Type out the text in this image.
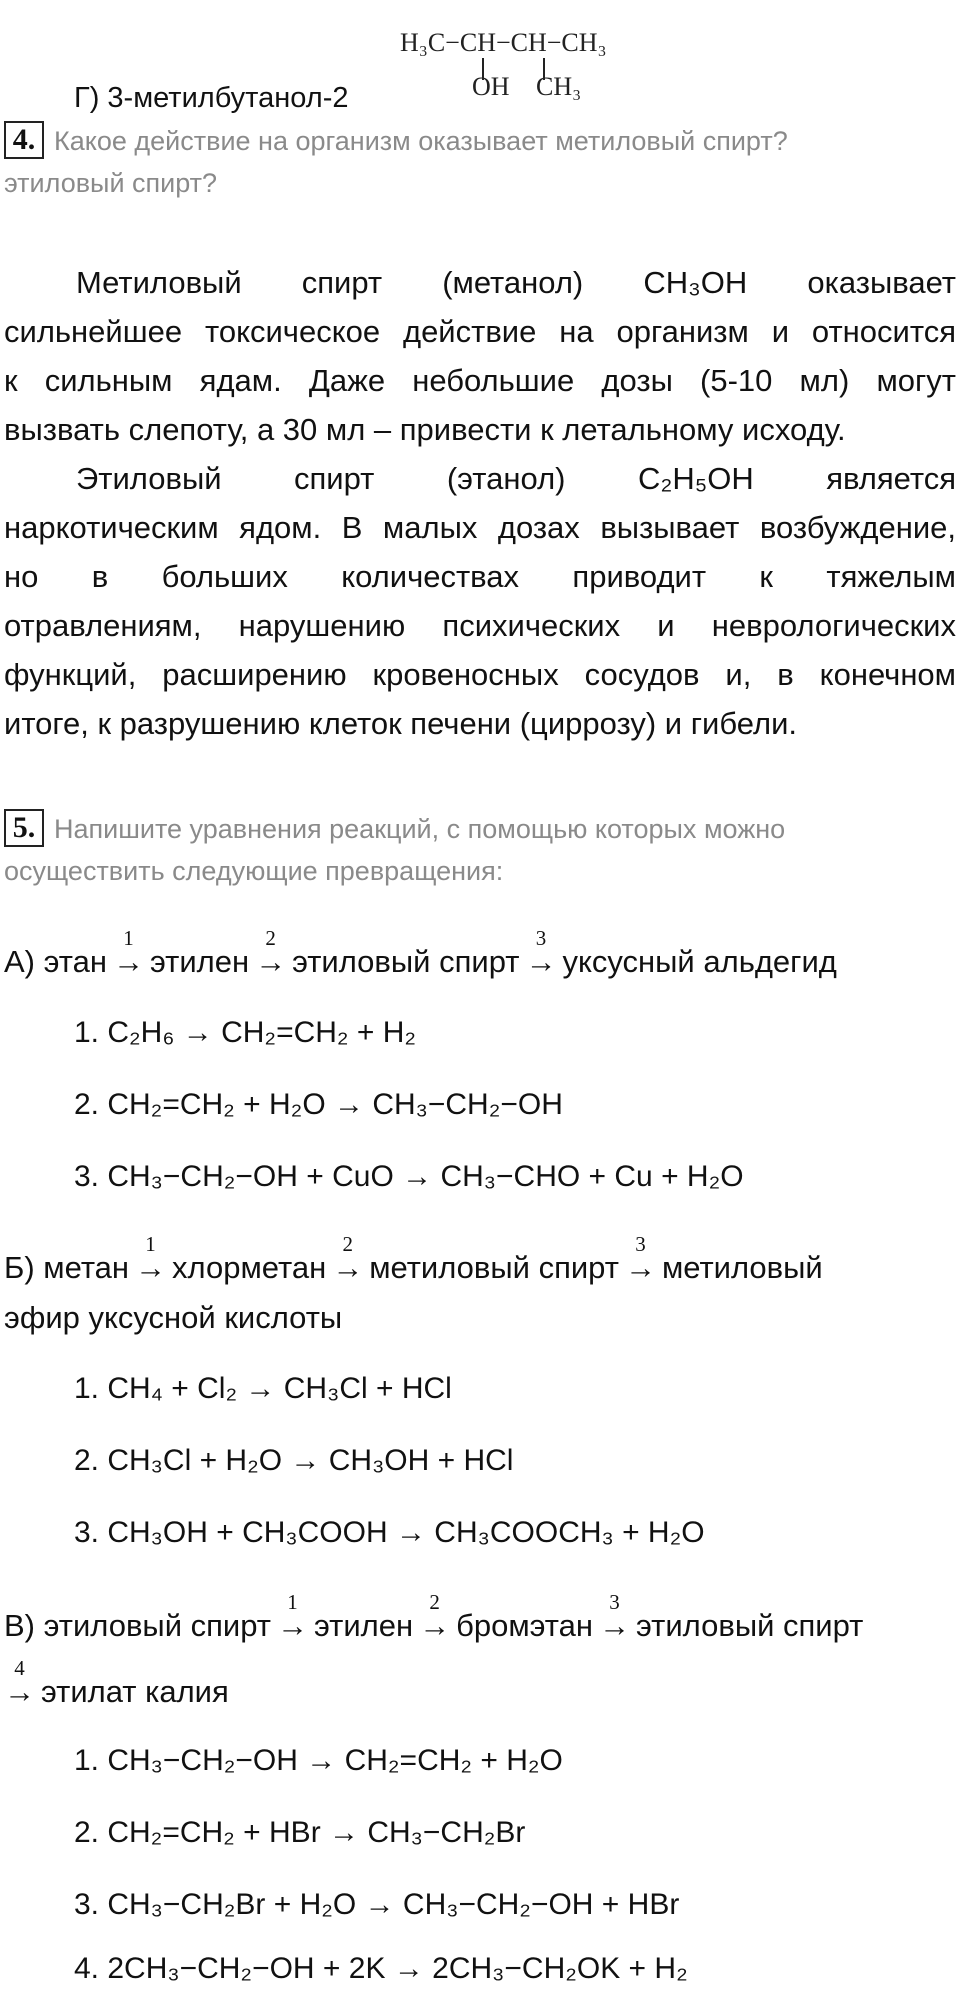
H₃C−CH−CH−CH₃
OH CH₃
Г) 3-метилбутанол-2
4. Какое действие на организм оказывает метиловый спирт?
этиловый спирт?
Метиловый спирт (метанол) CH₃OH оказывает
сильнейшее токсическое действие на организм и относится
к сильным ядам. Даже небольшие дозы (5-10 мл) могут
вызвать слепоту, а 30 мл – привести к летальному исходу.
Этиловый спирт (этанол) C₂H₅OH является
наркотическим ядом. В малых дозах вызывает возбуждение,
но в больших количествах приводит к тяжелым
отравлениям, нарушению психических и неврологических
функций, расширению кровеносных сосудов и, в конечном
итоге, к разрушению клеток печени (циррозу) и гибели.
5. Напишите уравнения реакций, с помощью которых можно
осуществить следующие превращения:
А) этан
1
→ этилен
2
→ этиловый спирт
3
→ уксусный альдегид
1. C₂H₆ → CH₂=CH₂ + H₂
2. CH₂=CH₂ + H₂O → CH₃−CH₂−OH
3. CH₃−CH₂−OH + CuO → CH₃−CHO + Cu + H₂O
Б) метан
1
→ хлорметан
2
→ метиловый спирт
3
→ метиловый
эфир уксусной кислоты
1. CH₄ + Cl₂ → CH₃Cl + HCl
2. CH₃Cl + H₂O → CH₃OH + HCl
3. CH₃OH + CH₃COOH → CH₃COOCH₃ + H₂O
В) этиловый спирт
1
→ этилен
2
→ бромэтан
3
→ этиловый спирт
4
→ этилат калия
1. CH₃−CH₂−OH → CH₂=CH₂ + H₂O
2. CH₂=CH₂ + HBr → CH₃−CH₂Br
3. CH₃−CH₂Br + H₂O → CH₃−CH₂−OH + HBr
4. 2CH₃−CH₂−OH + 2K → 2CH₃−CH₂OK + H₂
